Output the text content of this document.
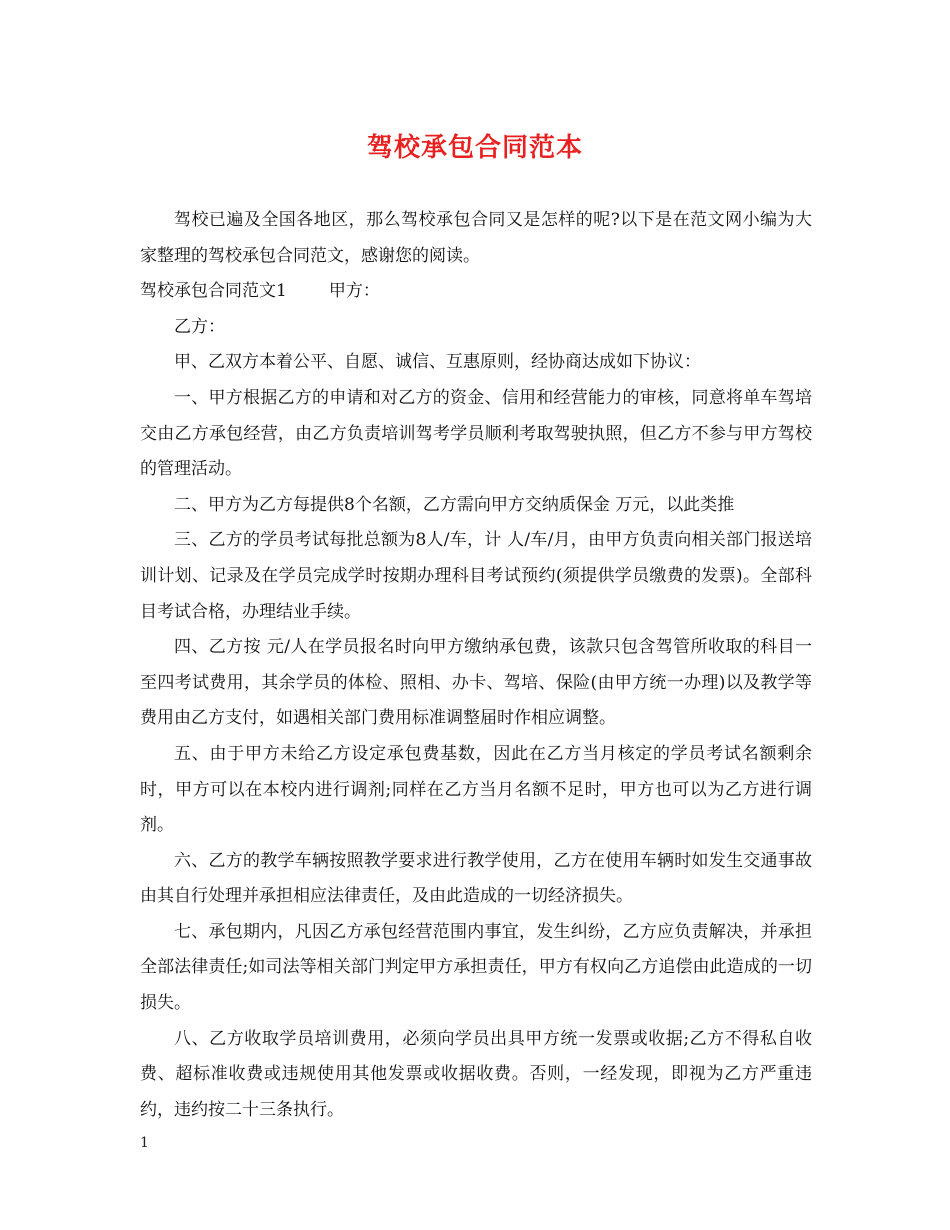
驾校承包合同范本

驾校已遍及全国各地区，那么驾校承包合同又是怎样的呢?以下是在范文网小编为大家整理的驾校承包合同范文，感谢您的阅读。

驾校承包合同范文1 甲方：

乙方：

甲、乙双方本着公平、自愿、诚信、互惠原则，经协商达成如下协议：

一、甲方根据乙方的申请和对乙方的资金、信用和经营能力的审核，同意将单车驾培交由乙方承包经营，由乙方负责培训驾考学员顺利考取驾驶执照，但乙方不参与甲方驾校的管理活动。

二、甲方为乙方每提供8个名额，乙方需向甲方交纳质保金 万元，以此类推

三、乙方的学员考试每批总额为8人/车，计 人/车/月，由甲方负责向相关部门报送培训计划、记录及在学员完成学时按期办理科目考试预约(须提供学员缴费的发票)。全部科目考试合格，办理结业手续。

四、乙方按 元/人在学员报名时向甲方缴纳承包费，该款只包含驾管所收取的科目一至四考试费用，其余学员的体检、照相、办卡、驾培、保险(由甲方统一办理)以及教学等费用由乙方支付，如遇相关部门费用标准调整届时作相应调整。

五、由于甲方未给乙方设定承包费基数，因此在乙方当月核定的学员考试名额剩余时，甲方可以在本校内进行调剂;同样在乙方当月名额不足时，甲方也可以为乙方进行调剂。

六、乙方的教学车辆按照教学要求进行教学使用，乙方在使用车辆时如发生交通事故由其自行处理并承担相应法律责任，及由此造成的一切经济损失。

七、承包期内，凡因乙方承包经营范围内事宜，发生纠纷，乙方应负责解决，并承担全部法律责任;如司法等相关部门判定甲方承担责任，甲方有权向乙方追偿由此造成的一切损失。

八、乙方收取学员培训费用，必须向学员出具甲方统一发票或收据;乙方不得私自收费、超标准收费或违规使用其他发票或收据收费。否则，一经发现，即视为乙方严重违约，违约按二十三条执行。

1
